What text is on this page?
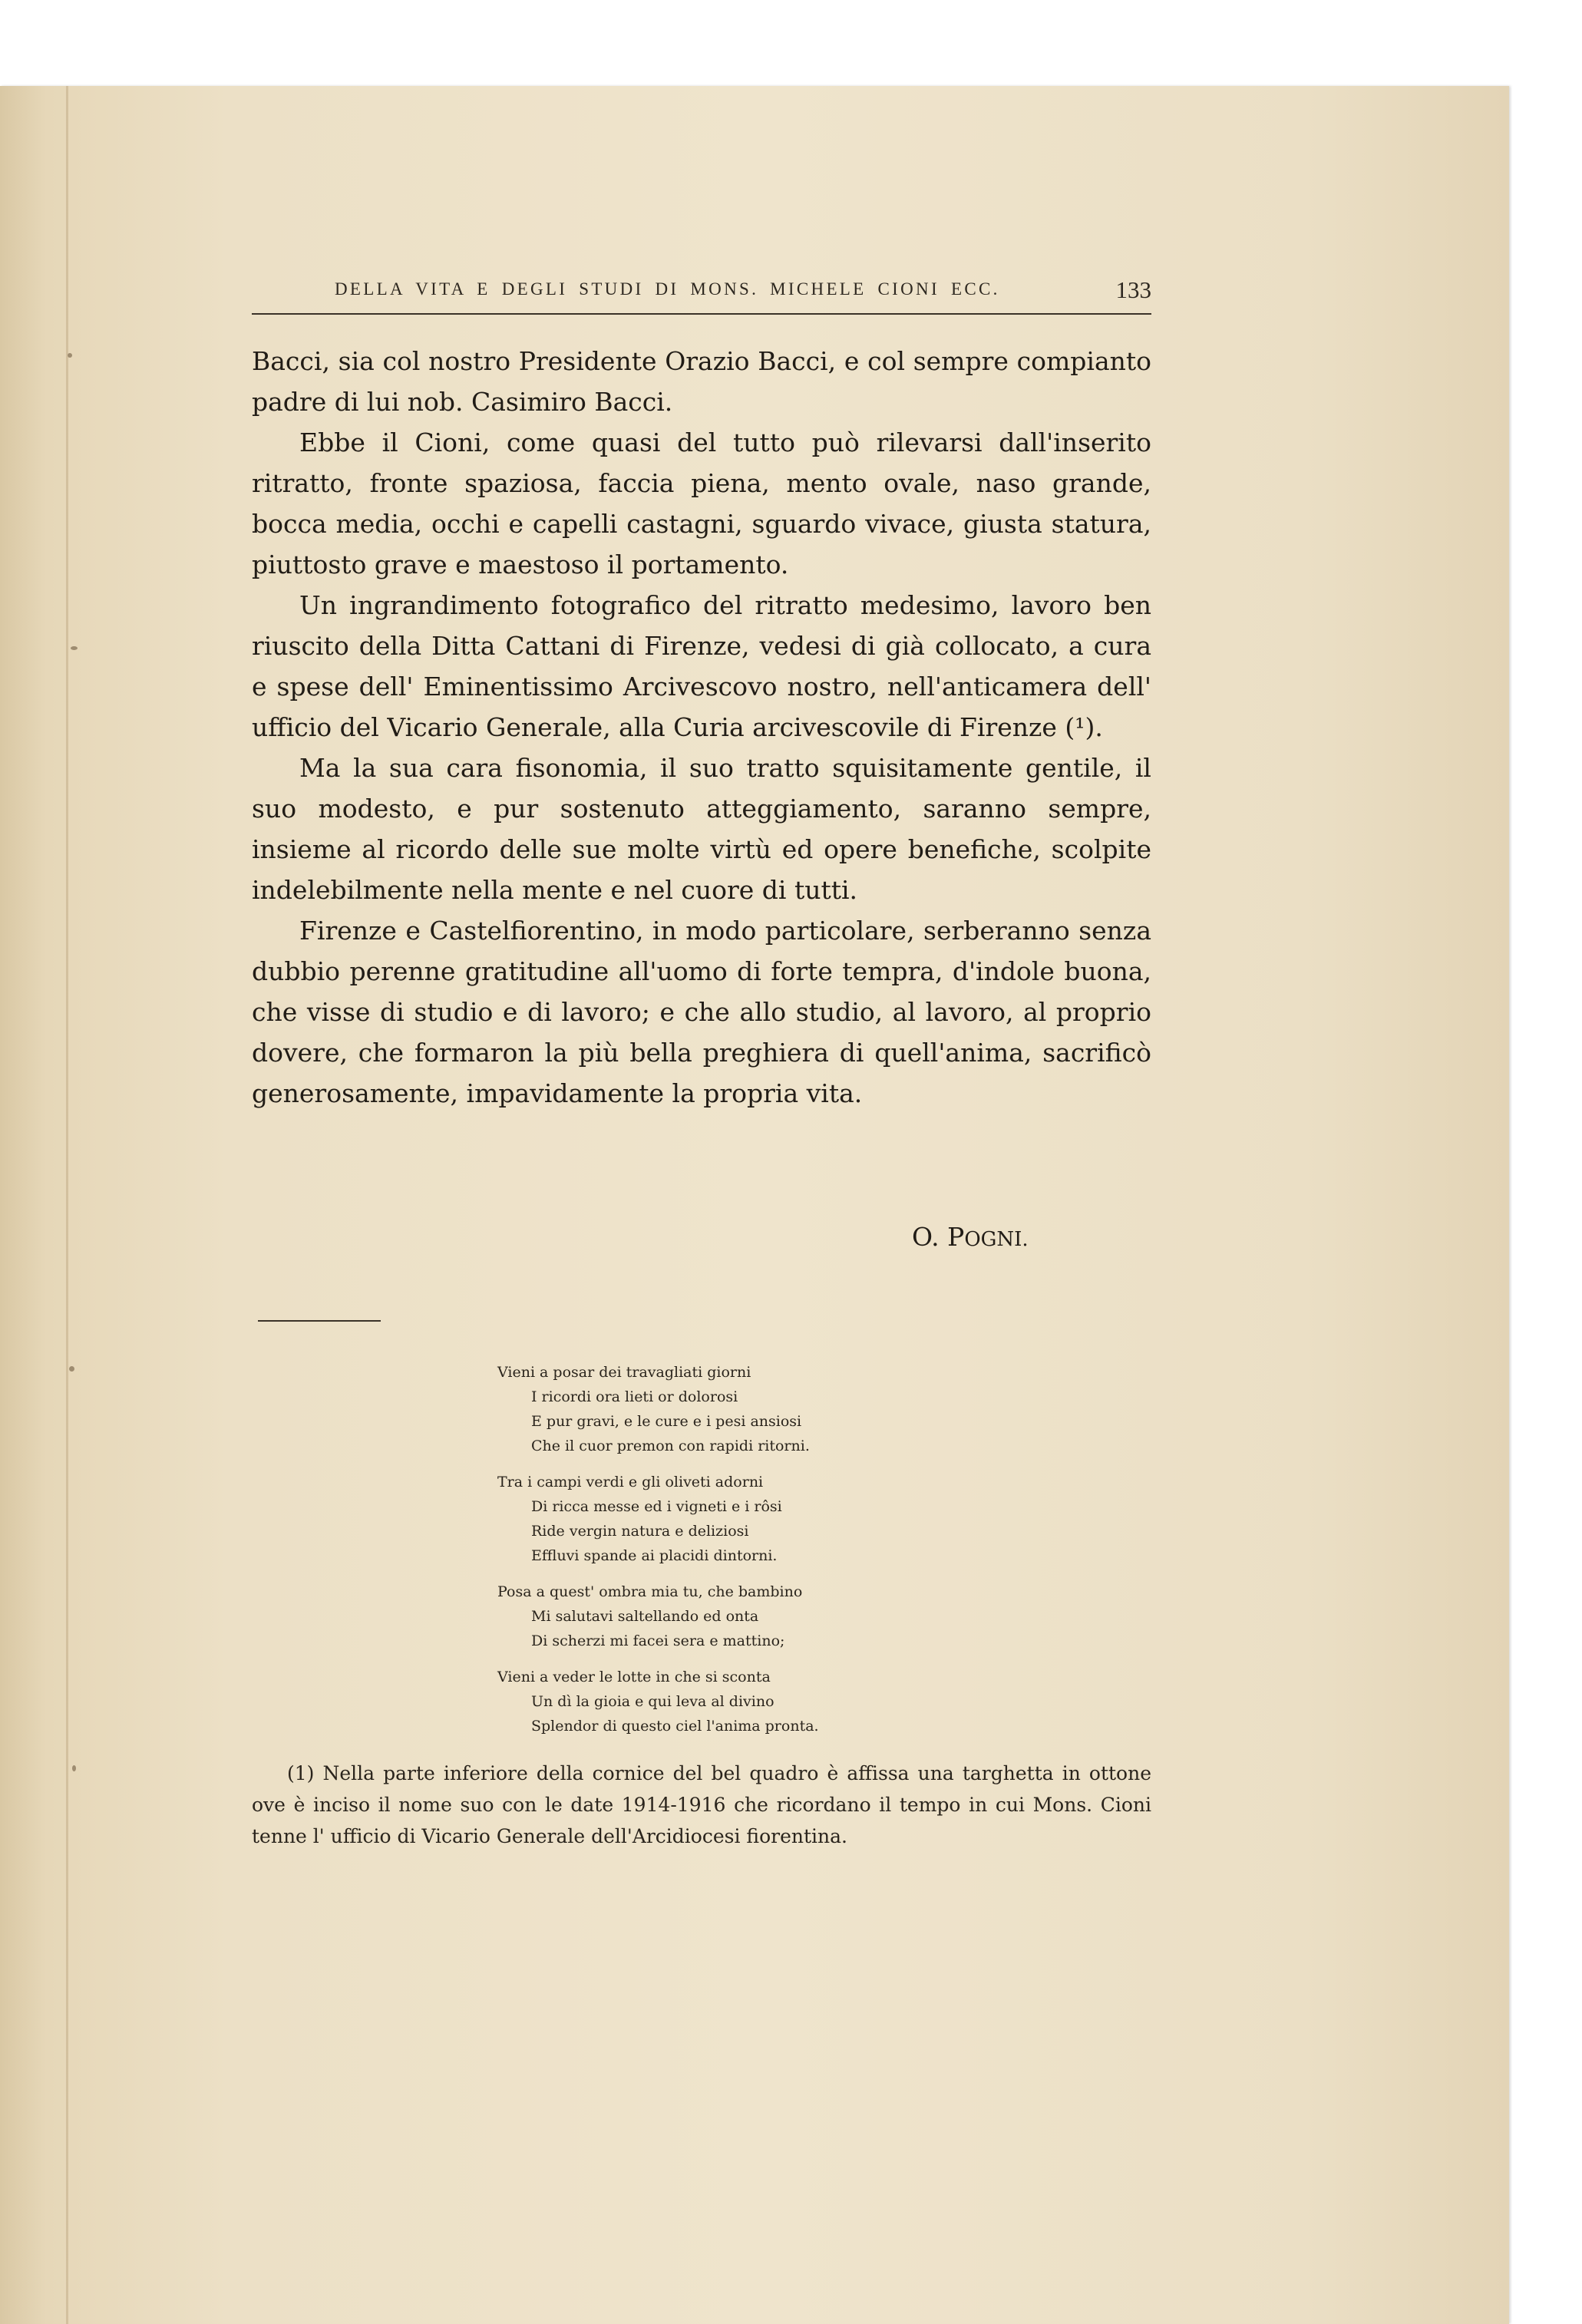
DELLA VITA E DEGLI STUDI DI MONS. MICHELE CIONI ECC.	133

Bacci, sia col nostro Presidente Orazio Bacci, e col sempre compianto padre di lui nob. Casimiro Bacci.

Ebbe il Cioni, come quasi del tutto può rilevarsi dall'inserito ritratto, fronte spaziosa, faccia piena, mento ovale, naso grande, bocca media, occhi e capelli castagni, sguardo vivace, giusta statura, piuttosto grave e maestoso il portamento.

Un ingrandimento fotografico del ritratto medesimo, lavoro ben riuscito della Ditta Cattani di Firenze, vedesi di già collocato, a cura e spese dell' Eminentissimo Arcivescovo nostro, nell'anticamera dell' ufficio del Vicario Generale, alla Curia arcivescovile di Firenze (¹).

Ma la sua cara fisonomia, il suo tratto squisitamente gentile, il suo modesto, e pur sostenuto atteggiamento, saranno sempre, insieme al ricordo delle sue molte virtù ed opere benefiche, scolpite indelebilmente nella mente e nel cuore di tutti.

Firenze e Castelfiorentino, in modo particolare, serberanno senza dubbio perenne gratitudine all'uomo di forte tempra, d'indole buona, che visse di studio e di lavoro; e che allo studio, al lavoro, al proprio dovere, che formaron la più bella preghiera di quell'anima, sacrificò generosamente, impavidamente la propria vita.

O. POGNI.
Vieni a posar dei travagliati giorni
I ricordi ora lieti or dolorosi
E pur gravi, e le cure e i pesi ansiosi
Che il cuor premon con rapidi ritorni.
Tra i campi verdi e gli oliveti adorni
Di ricca messe ed i vigneti e i rôsi
Ride vergin natura e deliziosi
Effluvi spande ai placidi dintorni.
Posa a quest' ombra mia tu, che bambino
Mi salutavi saltellando ed onta
Di scherzi mi facei sera e mattino;
Vieni a veder le lotte in che si sconta
Un dì la gioia e qui leva al divino
Splendor di questo ciel l'anima pronta.

(1) Nella parte inferiore della cornice del bel quadro è affissa una targhetta in ottone ove è inciso il nome suo con le date 1914-1916 che ricordano il tempo in cui Mons. Cioni tenne l' ufficio di Vicario Generale dell'Arcidiocesi fiorentina.
